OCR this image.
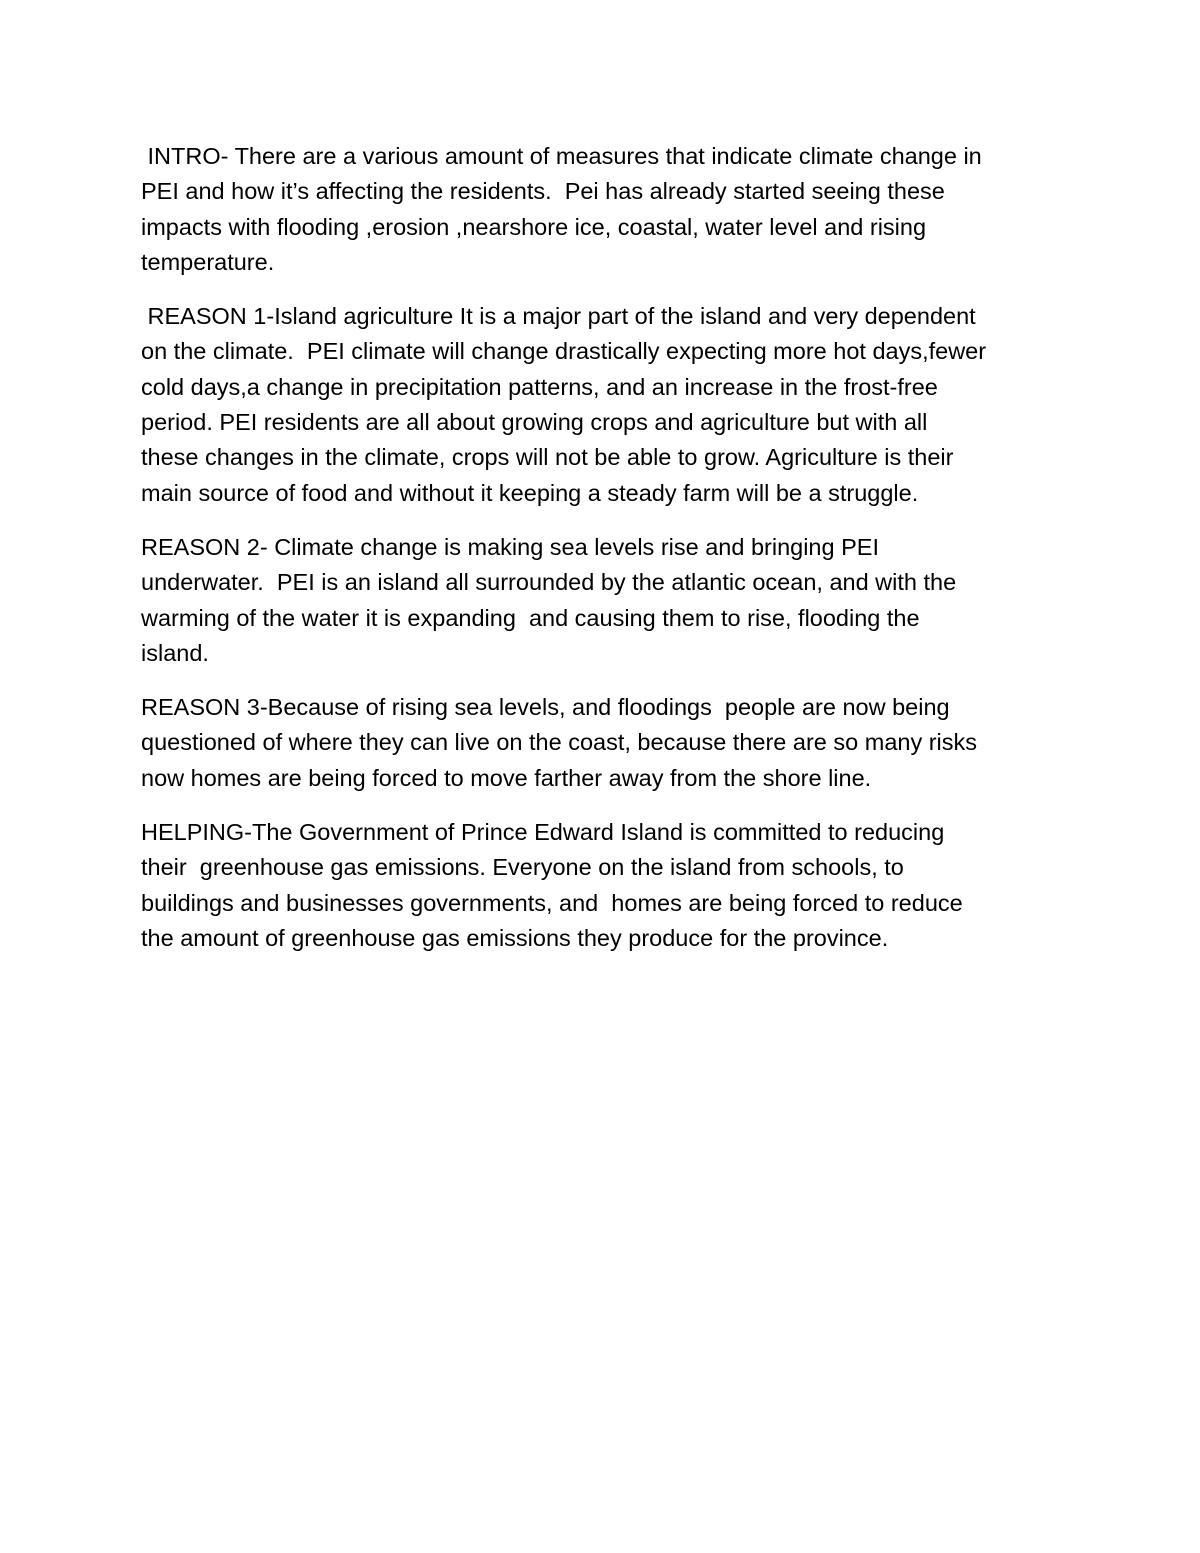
INTRO- There are a various amount of measures that indicate climate change in
PEI and how it’s affecting the residents.  Pei has already started seeing these
impacts with flooding ,erosion ,nearshore ice, coastal, water level and rising
temperature.

REASON 1-Island agriculture It is a major part of the island and very dependent
on the climate.  PEI climate will change drastically expecting more hot days,fewer
cold days,a change in precipitation patterns, and an increase in the frost-free
period. PEI residents are all about growing crops and agriculture but with all
these changes in the climate, crops will not be able to grow. Agriculture is their
main source of food and without it keeping a steady farm will be a struggle.

REASON 2- Climate change is making sea levels rise and bringing PEI
underwater.  PEI is an island all surrounded by the atlantic ocean, and with the
warming of the water it is expanding  and causing them to rise, flooding the
island.

REASON 3-Because of rising sea levels, and floodings  people are now being
questioned of where they can live on the coast, because there are so many risks
now homes are being forced to move farther away from the shore line.

HELPING-The Government of Prince Edward Island is committed to reducing
their  greenhouse gas emissions. Everyone on the island from schools, to
buildings and businesses governments, and  homes are being forced to reduce
the amount of greenhouse gas emissions they produce for the province.
